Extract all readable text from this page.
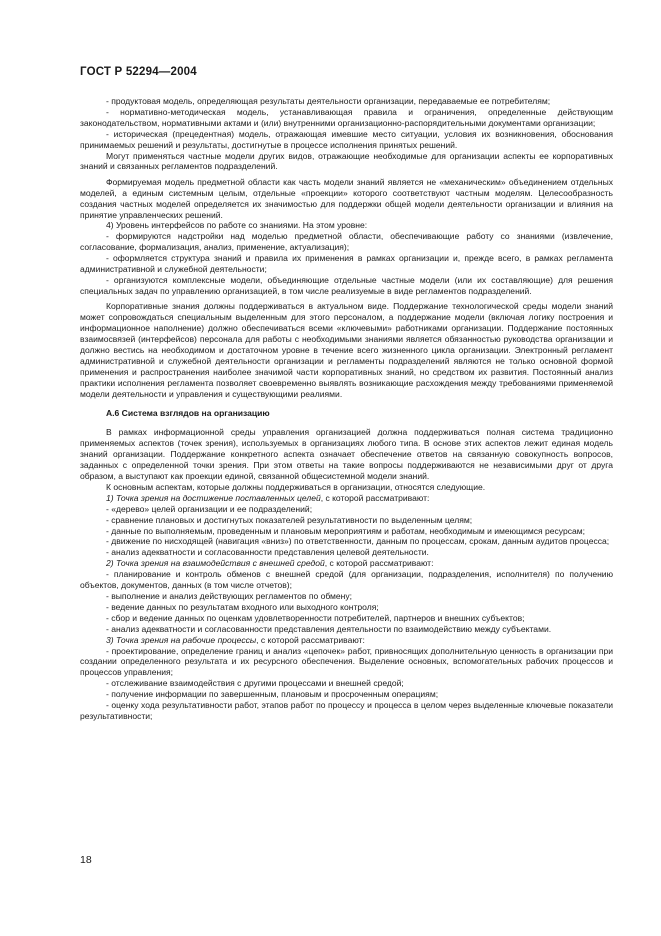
ГОСТ Р 52294—2004

- продуктовая модель, определяющая результаты деятельности организации, передаваемые ее потребителям;

- нормативно-методическая модель, устанавливающая правила и ограничения, определенные действующим законодательством, нормативными актами и (или) внутренними организационно-распорядительными документами организации;

- историческая (прецедентная) модель, отражающая имевшие место ситуации, условия их возникновения, обоснования принимаемых решений и результаты, достигнутые в процессе исполнения принятых решений.

Могут применяться частные модели других видов, отражающие необходимые для организации аспекты ее корпоративных знаний и связанных регламентов подразделений.

Формируемая модель предметной области как часть модели знаний является не «механическим» объединением отдельных моделей, а единым системным целым, отдельные «проекции» которого соответствуют частным моделям. Целесообразность создания частных моделей определяется их значимостью для поддержки общей модели деятельности организации и влияния на принятие управленческих решений.

4) Уровень интерфейсов по работе со знаниями. На этом уровне:

- формируются надстройки над моделью предметной области, обеспечивающие работу со знаниями (извлечение, согласование, формализация, анализ, применение, актуализация);

- оформляется структура знаний и правила их применения в рамках организации и, прежде всего, в рамках регламента административной и служебной деятельности;

- организуются комплексные модели, объединяющие отдельные частные модели (или их составляющие) для решения специальных задач по управлению организацией, в том числе реализуемые в виде регламентов подразделений.

Корпоративные знания должны поддерживаться в актуальном виде. Поддержание технологической среды модели знаний может сопровождаться специальным выделенным для этого персоналом, а поддержание модели (включая логику построения и информационное наполнение) должно обеспечиваться всеми «ключевыми» работниками организации. Поддержание постоянных взаимосвязей (интерфейсов) персонала для работы с необходимыми знаниями является обязанностью руководства организации и должно вестись на необходимом и достаточном уровне в течение всего жизненного цикла организации. Электронный регламент административной и служебной деятельности организации и регламенты подразделений являются не только основной формой применения и распространения наиболее значимой части корпоративных знаний, но средством их развития. Постоянный анализ практики исполнения регламента позволяет своевременно выявлять возникающие расхождения между требованиями применяемой модели деятельности и управления и существующими реалиями.

А.6 Система взглядов на организацию

В рамках информационной среды управления организацией должна поддерживаться полная система традиционно применяемых аспектов (точек зрения), используемых в организациях любого типа. В основе этих аспектов лежит единая модель знаний организации. Поддержание конкретного аспекта означает обеспечение ответов на связанную совокупность вопросов, заданных с определенной точки зрения. При этом ответы на такие вопросы поддерживаются не независимыми друг от друга образом, а выступают как проекции единой, связанной общесистемной модели знаний.

К основным аспектам, которые должны поддерживаться в организации, относятся следующие.

1) Точка зрения на достижение поставленных целей, с которой рассматривают:

- «дерево» целей организации и ее подразделений;

- сравнение плановых и достигнутых показателей результативности по выделенным целям;

- данные по выполняемым, проведенным и плановым мероприятиям и работам, необходимым и имеющимся ресурсам;

- движение по нисходящей (навигация «вниз») по ответственности, данным по процессам, срокам, данным аудитов процесса;

- анализ адекватности и согласованности представления целевой деятельности.

2) Точка зрения на взаимодействия с внешней средой, с которой рассматривают:

- планирование и контроль обменов с внешней средой (для организации, подразделения, исполнителя) по получению объектов, документов, данных (в том числе отчетов);

- выполнение и анализ действующих регламентов по обмену;

- ведение данных по результатам входного или выходного контроля;

- сбор и ведение данных по оценкам удовлетворенности потребителей, партнеров и внешних субъектов;

- анализ адекватности и согласованности представления деятельности по взаимодействию между субъектами.

3) Точка зрения на рабочие процессы, с которой рассматривают:

- проектирование, определение границ и анализ «цепочек» работ, привносящих дополнительную ценность в организации при создании определенного результата и их ресурсного обеспечения. Выделение основных, вспомогательных рабочих процессов и процессов управления;

- отслеживание взаимодействия с другими процессами и внешней средой;

- получение информации по завершенным, плановым и просроченным операциям;

- оценку хода результативности работ, этапов работ по процессу и процесса в целом через выделенные ключевые показатели результативности;

18
